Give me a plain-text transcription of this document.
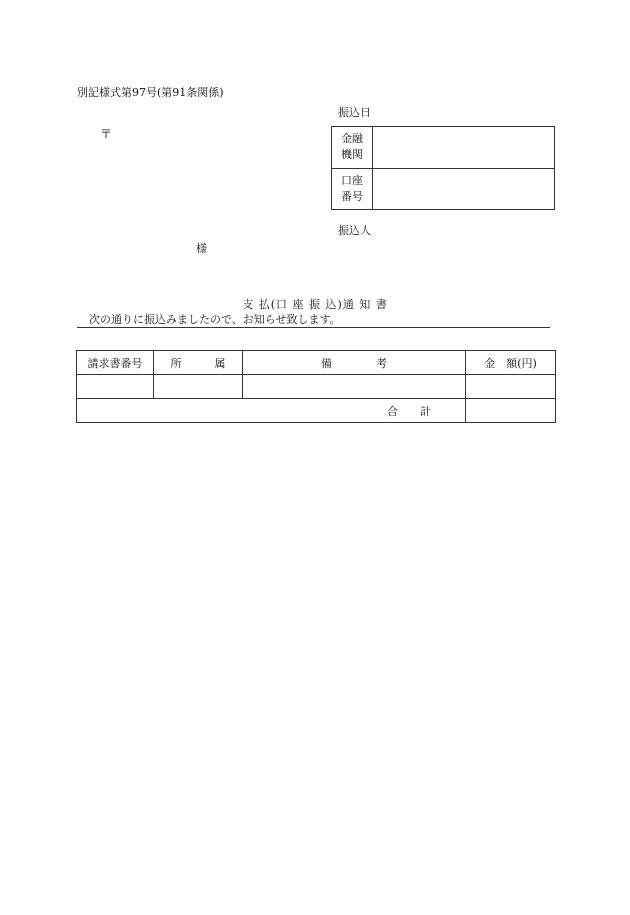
別記様式第97号(第91条関係)
〒
様
振込日
金融
機関	

口座
番号	

振込人
支 払(口 座 振 込)通 知 書
次の通りに振込みましたので、お知らせ致します。
請求書番号	所　　　属	備　　　　考	金　額(円)

合　　計			
